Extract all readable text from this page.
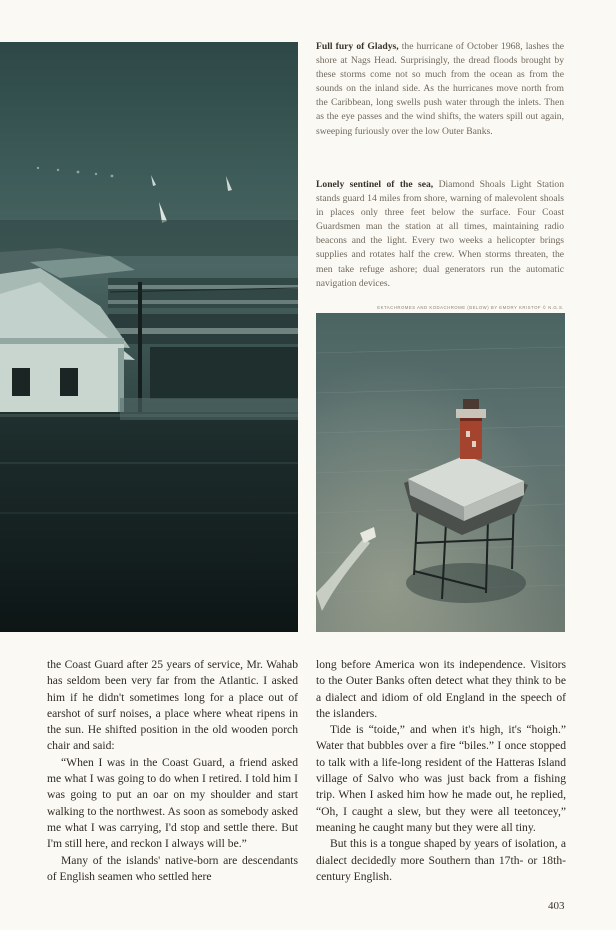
Full fury of Gladys, the hurricane of October 1968, lashes the shore at Nags Head. Surprisingly, the dread floods brought by these storms come not so much from the ocean as from the sounds on the inland side. As the hurricanes move north from the Caribbean, long swells push water through the inlets. Then as the eye passes and the wind shifts, the waters spill out again, sweeping furiously over the low Outer Banks.

Lonely sentinel of the sea, Diamond Shoals Light Station stands guard 14 miles from shore, warning of malevolent shoals in places only three feet below the surface. Four Coast Guardsmen man the station at all times, maintaining radio beacons and the light. Every two weeks a helicopter brings supplies and rotates half the crew. When storms threaten, the men take refuge ashore; dual generators run the automatic navigation devices.

EKTACHROMES AND KODACHROME (BELOW) BY EMORY KRISTOF © N.G.S.

the Coast Guard after 25 years of service, Mr. Wahab has seldom been very far from the Atlantic. I asked him if he didn't sometimes long for a place out of earshot of surf noises, a place where wheat ripens in the sun. He shifted position in the old wooden porch chair and said:

“When I was in the Coast Guard, a friend asked me what I was going to do when I retired. I told him I was going to put an oar on my shoulder and start walking to the northwest. As soon as somebody asked me what I was carrying, I'd stop and settle there. But I'm still here, and reckon I always will be.”

Many of the islands' native-born are descendants of English seamen who settled here

long before America won its independence. Visitors to the Outer Banks often detect what they think to be a dialect and idiom of old England in the speech of the islanders.

Tide is “toide,” and when it's high, it's “hoigh.” Water that bubbles over a fire “biles.” I once stopped to talk with a life-long resident of the Hatteras Island village of Salvo who was just back from a fishing trip. When I asked him how he made out, he replied, “Oh, I caught a slew, but they were all teetoncey,” meaning he caught many but they were all tiny.

But this is a tongue shaped by years of isolation, a dialect decidedly more Southern than 17th- or 18th-century English.

403
